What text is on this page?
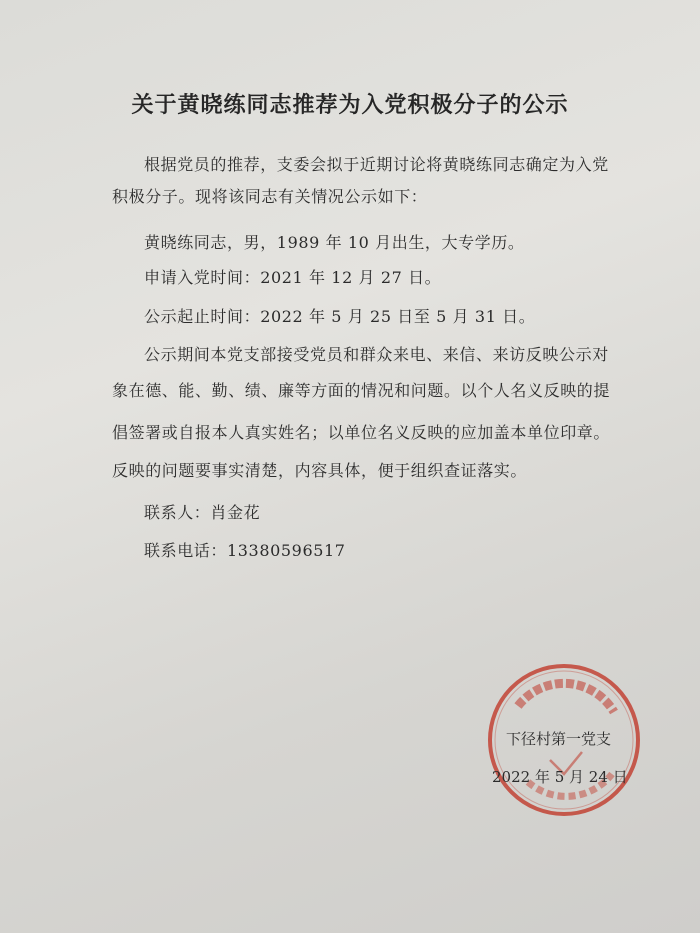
关于黄晓练同志推荐为入党积极分子的公示
根据党员的推荐，支委会拟于近期讨论将黄晓练同志确定为入党
积极分子。现将该同志有关情况公示如下：
黄晓练同志，男，1989 年 10 月出生，大专学历。
申请入党时间：2021 年 12 月 27 日。
公示起止时间：2022 年 5 月 25 日至 5 月 31 日。
公示期间本党支部接受党员和群众来电、来信、来访反映公示对
象在德、能、勤、绩、廉等方面的情况和问题。以个人名义反映的提
倡签署或自报本人真实姓名；以单位名义反映的应加盖本单位印章。
反映的问题要事实清楚，内容具体，便于组织查证落实。
联系人：肖金花
联系电话：13380596517
下径村第一党支
2022 年 5 月 24 日
